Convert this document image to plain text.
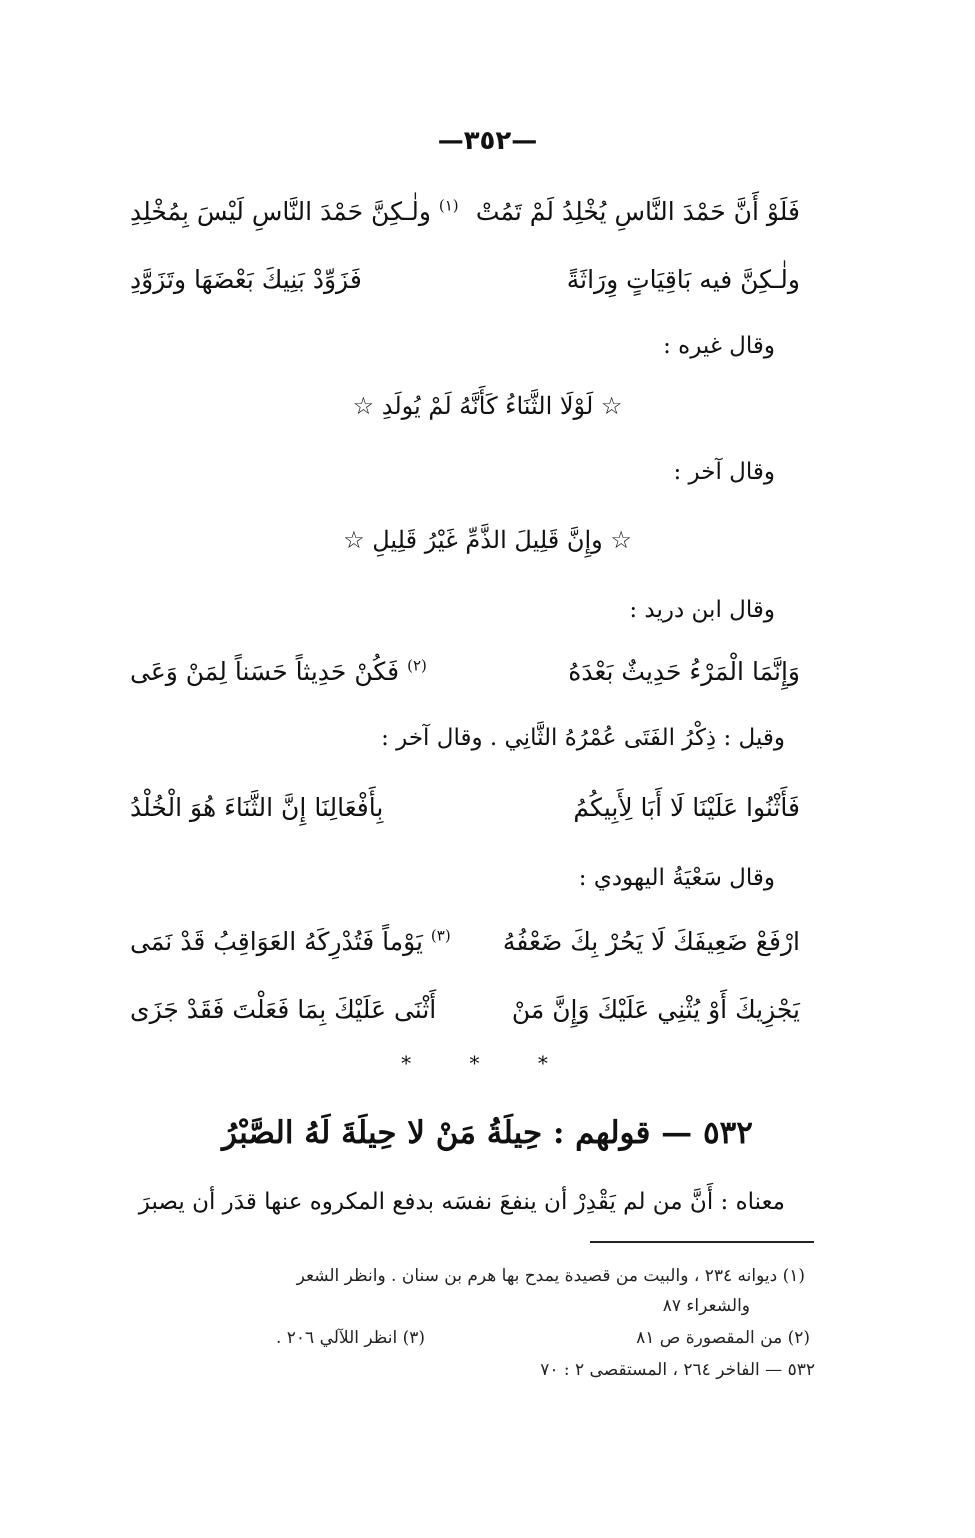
—٣٥٢—
فَلَوْ أَنَّ حَمْدَ النَّاسِ يُخْلِدُ لَمْ تَمُتْ
$^{(١)}$ ولٰـكِنَّ حَمْدَ النَّاسِ لَيْسَ بِمُخْلِدِ
ولٰـكِنَّ فيه بَاقِيَاتٍ وِرَاثَةً
فَزَوِّدْ بَنِيكَ بَعْضَهَا وتَزَوَّدِ
وقال غيره :
☆ لَوْلَا الثَّنَاءُ كَأَنَّهُ لَمْ يُولَدِ ☆
وقال آخر :
☆ وإِنَّ قَلِيلَ الذَّمِّ غَيْرُ قَلِيلِ ☆
وقال ابن دريد :
وَإِنَّمَا الْمَرْءُ حَدِيثٌ بَعْدَهُ
$^{(٢)}$ فَكُنْ حَدِيثاً حَسَناً لِمَنْ وَعَى
وقيل : ذِكْرُ الفَتَى عُمْرُهُ الثَّانِي . وقال آخر :
فَأَثْنُوا عَلَيْنَا لَا أَبَا لِأَبِيكُمُ
بِأَفْعَالِنَا إِنَّ الثَّنَاءَ هُوَ الْخُلْدُ
وقال سَعْيَةُ اليهودي :
ارْفَعْ ضَعِيفَكَ لَا يَحُرْ بِكَ ضَعْفُهُ
$^{(٣)}$ يَوْماً فَتُدْرِكَهُ العَوَاقِبُ قَدْ نَمَى
يَجْزِيكَ أَوْ يُثْنِي عَلَيْكَ وَإِنَّ مَنْ
أَثْنَى عَلَيْكَ بِمَا فَعَلْتَ فَقَدْ جَزَى
* * *
٥٣٢ — قولهم : حِيلَةُ مَنْ لا حِيلَةَ لَهُ الصَّبْرُ
معناه : أَنَّ من لم يَقْدِرْ أن ينفعَ نفسَه بدفع المكروه عنها قدَر أن يصبرَ
(١) ديوانه ٢٣٤ ، والبيت من قصيدة يمدح بها هرم بن سنان . وانظر الشعر
والشعراء ٨٧
(٢) من المقصورة ص ٨١
(٣) انظر اللآلي ٢٠٦ .
٥٣٢ — الفاخر ٢٦٤ ، المستقصى ٢ : ٧٠
